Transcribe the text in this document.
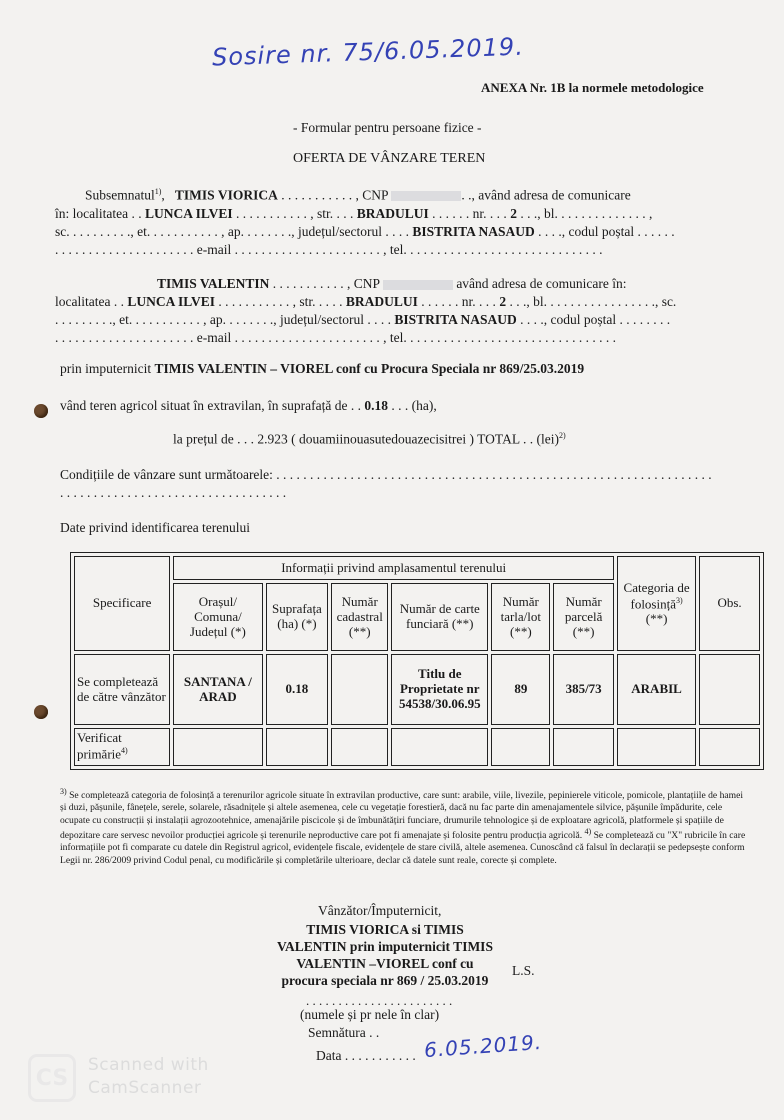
Sosire nr. 75/6.05.2019.
ANEXA Nr. 1B la normele metodologice
- Formular pentru persoane fizice -
OFERTA DE VÂNZARE TEREN
Subsemnatul$^{1)}$, TIMIS VIORICA . . . . . . . . . . . , CNP	. ., având adresa de comunicare
în: localitatea . . LUNCA ILVEI . . . . . . . . . . . , str. . . . BRADULUI . . . . . . nr. . . . 2 . . ., bl. . . . . . . . . . . . . . ,
sc. . . . . . . . . ., et. . . . . . . . . . . , ap. . . . . . . ., județul/sectorul . . . . BISTRITA NASAUD . . . ., codul poștal . . . . . .
. . . . . . . . . . . . . . . . . . . . . e-mail . . . . . . . . . . . . . . . . . . . . . . , tel. . . . . . . . . . . . . . . . . . . . . . . . . . . . . .
TIMIS VALENTIN . . . . . . . . . . . , CNP	având adresa de comunicare în:
localitatea . . LUNCA ILVEI . . . . . . . . . . . , str. . . . . BRADULUI . . . . . . nr. . . . 2 . . ., bl. . . . . . . . . . . . . . . . ., sc.
. . . . . . . . ., et. . . . . . . . . . . , ap. . . . . . . ., județul/sectorul . . . . BISTRITA NASAUD . . . ., codul poștal . . . . . . . .
. . . . . . . . . . . . . . . . . . . . . e-mail . . . . . . . . . . . . . . . . . . . . . . , tel. . . . . . . . . . . . . . . . . . . . . . . . . . . . . . . .
prin imputernicit TIMIS VALENTIN – VIOREL conf cu Procura Speciala nr 869/25.03.2019
vând teren agricol situat în extravilan, în suprafață de . . 0.18 . . . (ha),
la prețul de . . . 2.923 ( douamiinouasutedouazecisitrei ) TOTAL . . (lei)$^{2)}$
Condițiile de vânzare sunt următoarele: . . . . . . . . . . . . . . . . . . . . . . . . . . . . . . . . . . . . . . . . . . . . . . . . . . . . . . . . . . . . . . . . .
. . . . . . . . . . . . . . . . . . . . . . . . . . . . . . . . . .
Date privind identificarea terenului
Specificare	Informații privind amplasamentul terenului						Categoria de folosință$^{3)}$ (**)	Obs.
	Orașul/ Comuna/ Județul (*)	Suprafața (ha) (*)	Număr cadastral (**)	Număr de carte funciară (**)	Număr tarla/lot (**)	Număr parcelă (**)		
Se completează de către vânzător	SANTANA / ARAD	0.18		Titlu de Proprietate nr 54538/30.06.95	89	385/73	ARABIL	
Verificat primărie$^{4)}$								
$^{3)}$ Se completează categoria de folosință a terenurilor agricole situate în extravilan productive, care sunt: arabile, viile, livezile, pepinierele viticole, pomicole, plantațiile de hamei și duzi, pășunile, fânețele, serele, solarele, răsadnițele și altele asemenea, cele cu vegetație forestieră, dacă nu fac parte din amenajamentele silvice, pășunile împădurite, cele ocupate cu construcții și instalații agrozootehnice, amenajările piscicole și de îmbunătățiri funciare, drumurile tehnologice și de exploatare agricolă, platformele și spațiile de depozitare care servesc nevoilor producției agricole și terenurile neproductive care pot fi amenajate și folosite pentru producția agricolă. $^{4)}$ Se completează cu "X" rubricile în care informațiile pot fi comparate cu datele din Registrul agricol, evidențele fiscale, evidențele de stare civilă, altele asemenea. Cunoscând că falsul în declarații se pedepsește conform Legii nr. 286/2009 privind Codul penal, cu modificările și completările ulterioare, declar că datele sunt reale, corecte și complete.
Vânzător/Împuternicit,
TIMIS VIORICA si TIMIS
VALENTIN prin imputernicit TIMIS
VALENTIN –VIOREL conf cu
procura speciala nr 869 / 25.03.2019
L.S.
. . . . . . . . . . . . . . . . . . . . . . .
(numele și pr nele în clar)
Semnătura . .
Data . . . . . . . . . . . 6.05.2019.
CS
Scanned with
CamScanner
